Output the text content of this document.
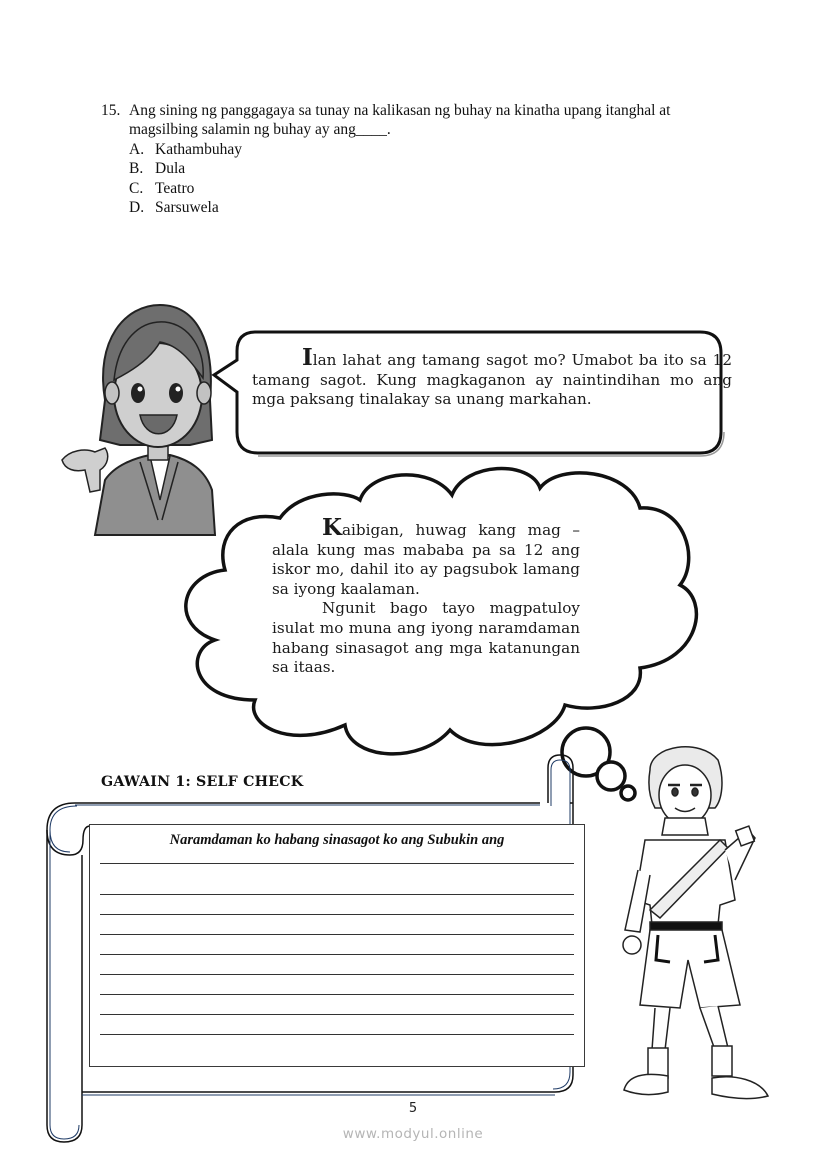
15. Ang sining ng panggagaya sa tunay na kalikasan ng buhay na kinatha upang itanghal at magsilbing salamin ng buhay ay ang____.
A. Kathambuhay
B. Dula
C. Teatro
D. Sarsuwela
Ilan lahat ang tamang sagot mo? Umabot ba ito sa 12 tamang sagot. Kung magkaganon ay naintindihan mo ang mga paksang tinalakay sa unang markahan.
Kaibigan, huwag kang mag – alala kung mas mababa pa sa 12 ang iskor mo, dahil ito ay pagsubok lamang sa iyong kaalaman.
Ngunit bago tayo magpatuloy isulat mo muna ang iyong naramdaman habang sinasagot ang mga katanungan sa itaas.
GAWAIN 1: SELF CHECK
Naramdaman ko habang sinasagot ko ang Subukin ang
5
www.modyul.online
